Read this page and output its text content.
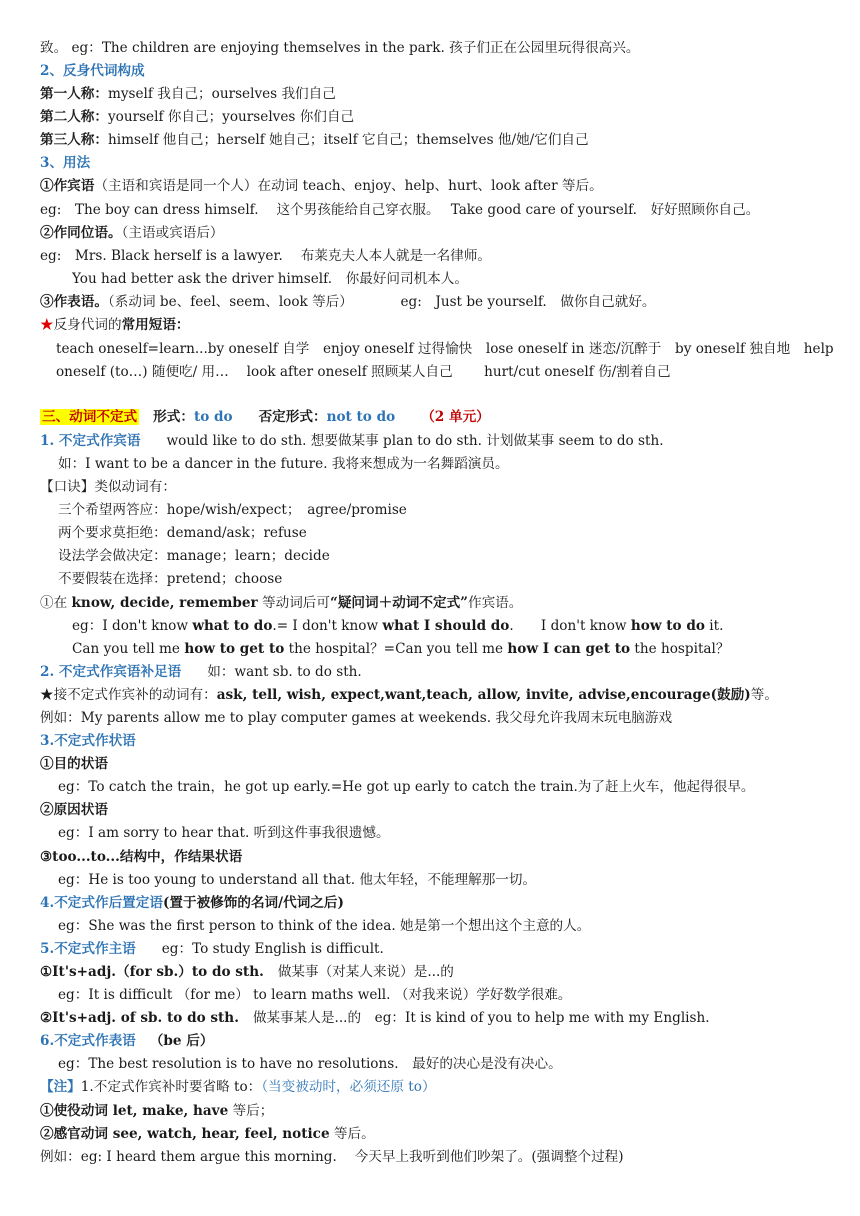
致。 eg：The children are enjoying themselves in the park. 孩子们正在公园里玩得很高兴。
2、反身代词构成
第一人称：myself 我自己；ourselves 我们自己
第二人称：yourself 你自己；yourselves 你们自己
第三人称：himself 他自己；herself 她自己；itself 它自己；themselves 他/她/它们自己
3、用法
①作宾语（主语和宾语是同一个人）在动词 teach、enjoy、help、hurt、look after 等后。
eg:　The boy can dress himself.　 这个男孩能给自己穿衣服。　 Take good care of yourself.　好好照顾你自己。
②作同位语。（主语或宾语后）
eg:　Mrs. Black herself is a lawyer.　 布莱克夫人本人就是一名律师。
You had better ask the driver himself.　你最好问司机本人。
③作表语。（系动词 be、feel、seem、look 等后）　　　　eg:　Just be yourself.　做你自己就好。
★反身代词的常用短语：
teach oneself=learn...by oneself 自学　enjoy oneself 过得愉快　lose oneself in 迷恋/沉醉于　by oneself 独自地　help
oneself (to…) 随便吃/ 用…　 look after oneself 照顾某人自己　　 hurt/cut oneself 伤/割着自己
三、动词不定式 形式：to do 否定形式：not to do （2 单元）
1. 不定式作宾语 would like to do sth. 想要做某事 plan to do sth. 计划做某事 seem to do sth.
如：I want to be a dancer in the future. 我将来想成为一名舞蹈演员。
【口诀】类似动词有：
三个希望两答应：hope/wish/expect；　agree/promise
两个要求莫拒绝：demand/ask；refuse
设法学会做决定：manage；learn；decide
不要假装在选择：pretend；choose
①在 know, decide, remember 等动词后可“疑问词＋动词不定式”作宾语。
eg：I don't know what to do.= I don't know what I should do.　　I don't know how to do it.
Can you tell me how to get to the hospital？=Can you tell me how I can get to the hospital？
2. 不定式作宾语补足语 如：want sb. to do sth.
★接不定式作宾补的动词有：ask, tell, wish, expect,want,teach, allow, invite, advise,encourage(鼓励)等。
例如：My parents allow me to play computer games at weekends. 我父母允许我周末玩电脑游戏
3.不定式作状语
①目的状语
eg：To catch the train，he got up early.=He got up early to catch the train.为了赶上火车，他起得很早。
②原因状语
eg：I am sorry to hear that. 听到这件事我很遗憾。
③too...to...结构中，作结果状语
eg：He is too young to understand all that. 他太年轻，不能理解那一切。
4.不定式作后置定语(置于被修饰的名词/代词之后)
eg：She was the first person to think of the idea. 她是第一个想出这个主意的人。
5.不定式作主语 eg：To study English is difficult.
①It's+adj.（for sb.）to do sth. 做某事（对某人来说）是...的
eg：It is difficult （for me） to learn maths well. （对我来说）学好数学很难。
②It's+adj. of sb. to do sth. 做某事某人是...的　eg：It is kind of you to help me with my English.
6.不定式作表语 （be 后）
eg：The best resolution is to have no resolutions.　最好的决心是没有决心。
【注】1.不定式作宾补时要省略 to：（当变被动时，必须还原 to）
①使役动词 let, make, have 等后；
②感官动词 see, watch, hear, feel, notice 等后。
例如：eg: I heard them argue this morning.　 今天早上我听到他们吵架了。(强调整个过程)
